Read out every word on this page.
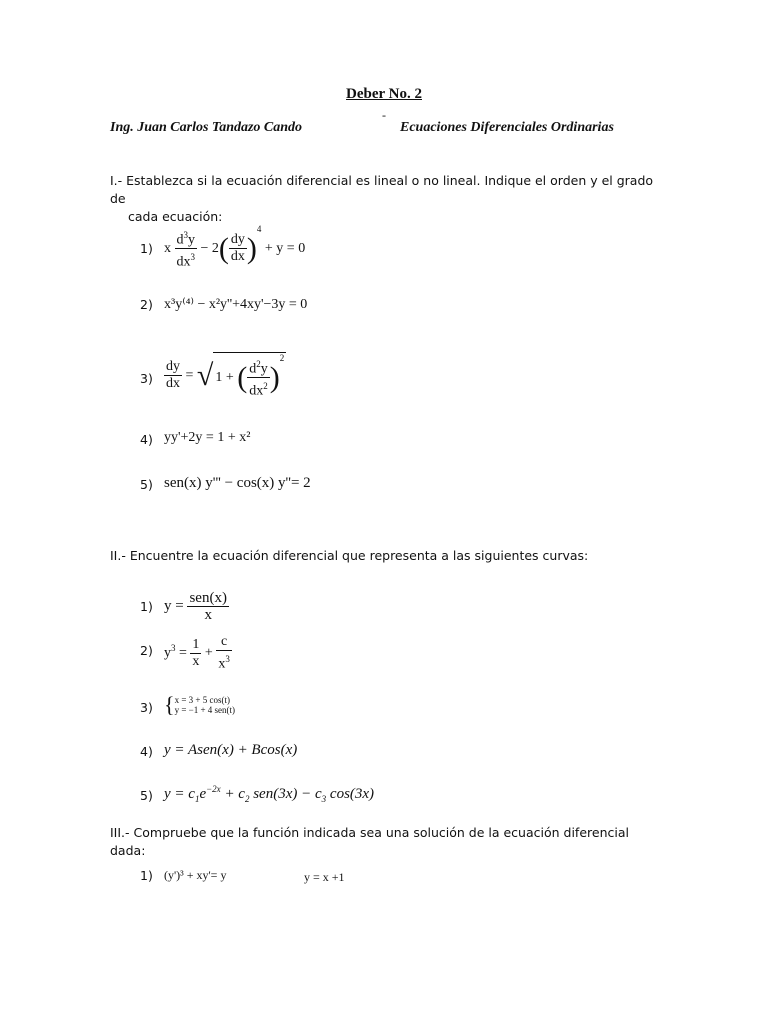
Deber No. 2
Ing. Juan Carlos Tandazo Cando
-
Ecuaciones Diferenciales Ordinarias
I.- Establezca si la ecuación diferencial es lineal o no lineal. Indique el orden y el grado de
cada ecuación:
1) x $\frac{d^3y}{dx^3} - 2( \frac{dy}{dx} )^4 + y = 0$
2) x³y⁽⁴⁾ − x²y''+4xy'−3y = 0
$3) \frac{dy}{dx}$ = √ 1 + ( $\frac{d^2y}{dx^2} )^2$
4) yy'+2y = 1 + x²
5) sen(x) y''' − cos(x) y''= 2
II.- Encuentre la ecuación diferencial que representa a las siguientes curvas:
1) $y = \frac{\text{sen(x)}}{x}$
2) $y^3 = \frac{1}{x} + \frac{c}{x^3}$
3) { x = 3 + 5 cos(t)
y = −1 + 4 sen(t)
4) y = Asen(x) + Bcos(x)
5) $y = c_1e^{-2x} + c_2$ $sen(3x) - c_3$ cos(3x)
III.- Compruebe que la función indicada sea una solución de la ecuación diferencial dada:
1) (y')³ + xy'= y	y = x +1
